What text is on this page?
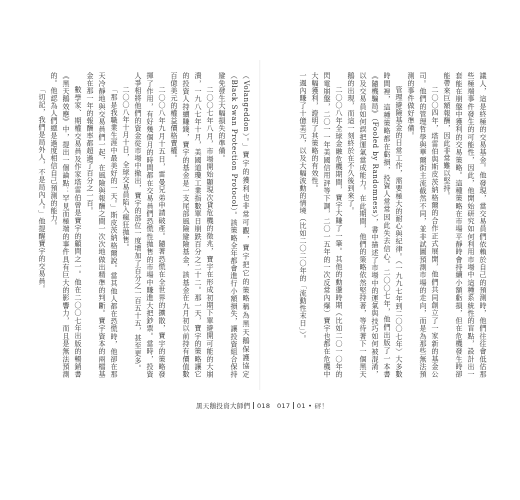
（Volangeddon）。」寶宇的獲利也非常可觀，寶宇把它的策略稱為黑天鵝保護協定（Black Swan Protection Protocol）。該策略全年都會進行小額損失，讓投資組合保持避免發生大幅損失的準備。

二〇〇七年八月，市場開始顯現次貸危機的徵兆，寶宇在形成初期下單避開可能的大崩潰，一九八七年十月，美國道瓊工業指數單日崩跌百分之二十二。那一天，寶宇的策略讓它的投資人持續賺錢，寶宇的基金是一支尾部風險避險基金，該基金在九月初以前持有價值數百億美元的權益價格賣權。

二〇〇八年九月十五日，雷曼兄弟申請破產。隨著恐慌在全世界的擴散，寶宇的策略發揮了作用，有好幾個月的時間都在交易員們恐慌性拋售的市場中賺進大把鈔票。當時，投資人爭相將他們的資金從市場中撤出，寶宇的部位一度增加了百分之一百五十五，甚至更多。

二〇〇八年十月十日，全球交易員陷入瘋狂拋售。

「那是我職業生涯中最美好的一天。」斯皮茨納格爾說。當其他人都在恐慌時，他卻在那天冷靜地與交易員們一起，在風險與報酬之間一次次地做出精準的判斷。寶宇資本的兩檔基金在那一年的報酬率都超過了百分之一百。

數學家、期權交易員及作家塔雷伯曾是寶宇的顧問之一。他在二〇〇七年出版的暢銷書《黑天鵝效應》中，提出一個論點：罕見而極端的事件具有巨大的影響力，而且是無法預測的。他認為人們總是過度相信自己預測的能力。

「切記，我們是局外人，不是局內人。」他提醒寶宇的交易員。	議人，這是終極的交易基金。他發現，當交易員們依賴於自己的預測時，他們往往會低估那些極端事件發生的可能性，因此，他開始研究如何利用市場中這種系統性的盲點，設計出一套能在崩盤中獲利的交易策略。這種策略在市場平靜時會持續小額虧損，但在危機發生時卻能帶來巨額報酬，因此非常難以堅持。

二〇〇四年，塔雷伯與斯皮茨納格爾的合作正式展開，他們共同創立了一家新的基金公司。他們的管理哲學與華爾街主流截然不同，並非試圖預測市場的走向，而是為那些無法預測的事件做好準備。

管理避險基金的日常工作，需要極大的耐心與紀律。（一九九七年到二〇〇七年）大多數時間裡，這種策略都在虧損，投資人常常因此失去信心。二〇〇七年，他們出版了一本書《隨機騙局》（Fooled by Randomness），書中描述了市場中的運氣與技巧如何被混淆，以及交易員如何誤把運氣當成能力。在此期間，他們的策略依然堅持著，等待著下一個黑天鵝的出現，而這一刻終於在不久後到來了。

二〇〇八年全球金融危機期間，寶宇大賺了一筆。其他的動盪時期（比如二〇一〇年的閃電崩盤，二〇一一年美國信用評等下調，二〇一五年的一次反常內爆）寶宇也都在危機中大幅獲利，證明了其策略的有效性。

一週內賺了十億美元，以及大幅波動的情境（比如二〇二〇年的「流動性末日」）。

黑天鵝投資大師們 018 017 01 • 砰！
